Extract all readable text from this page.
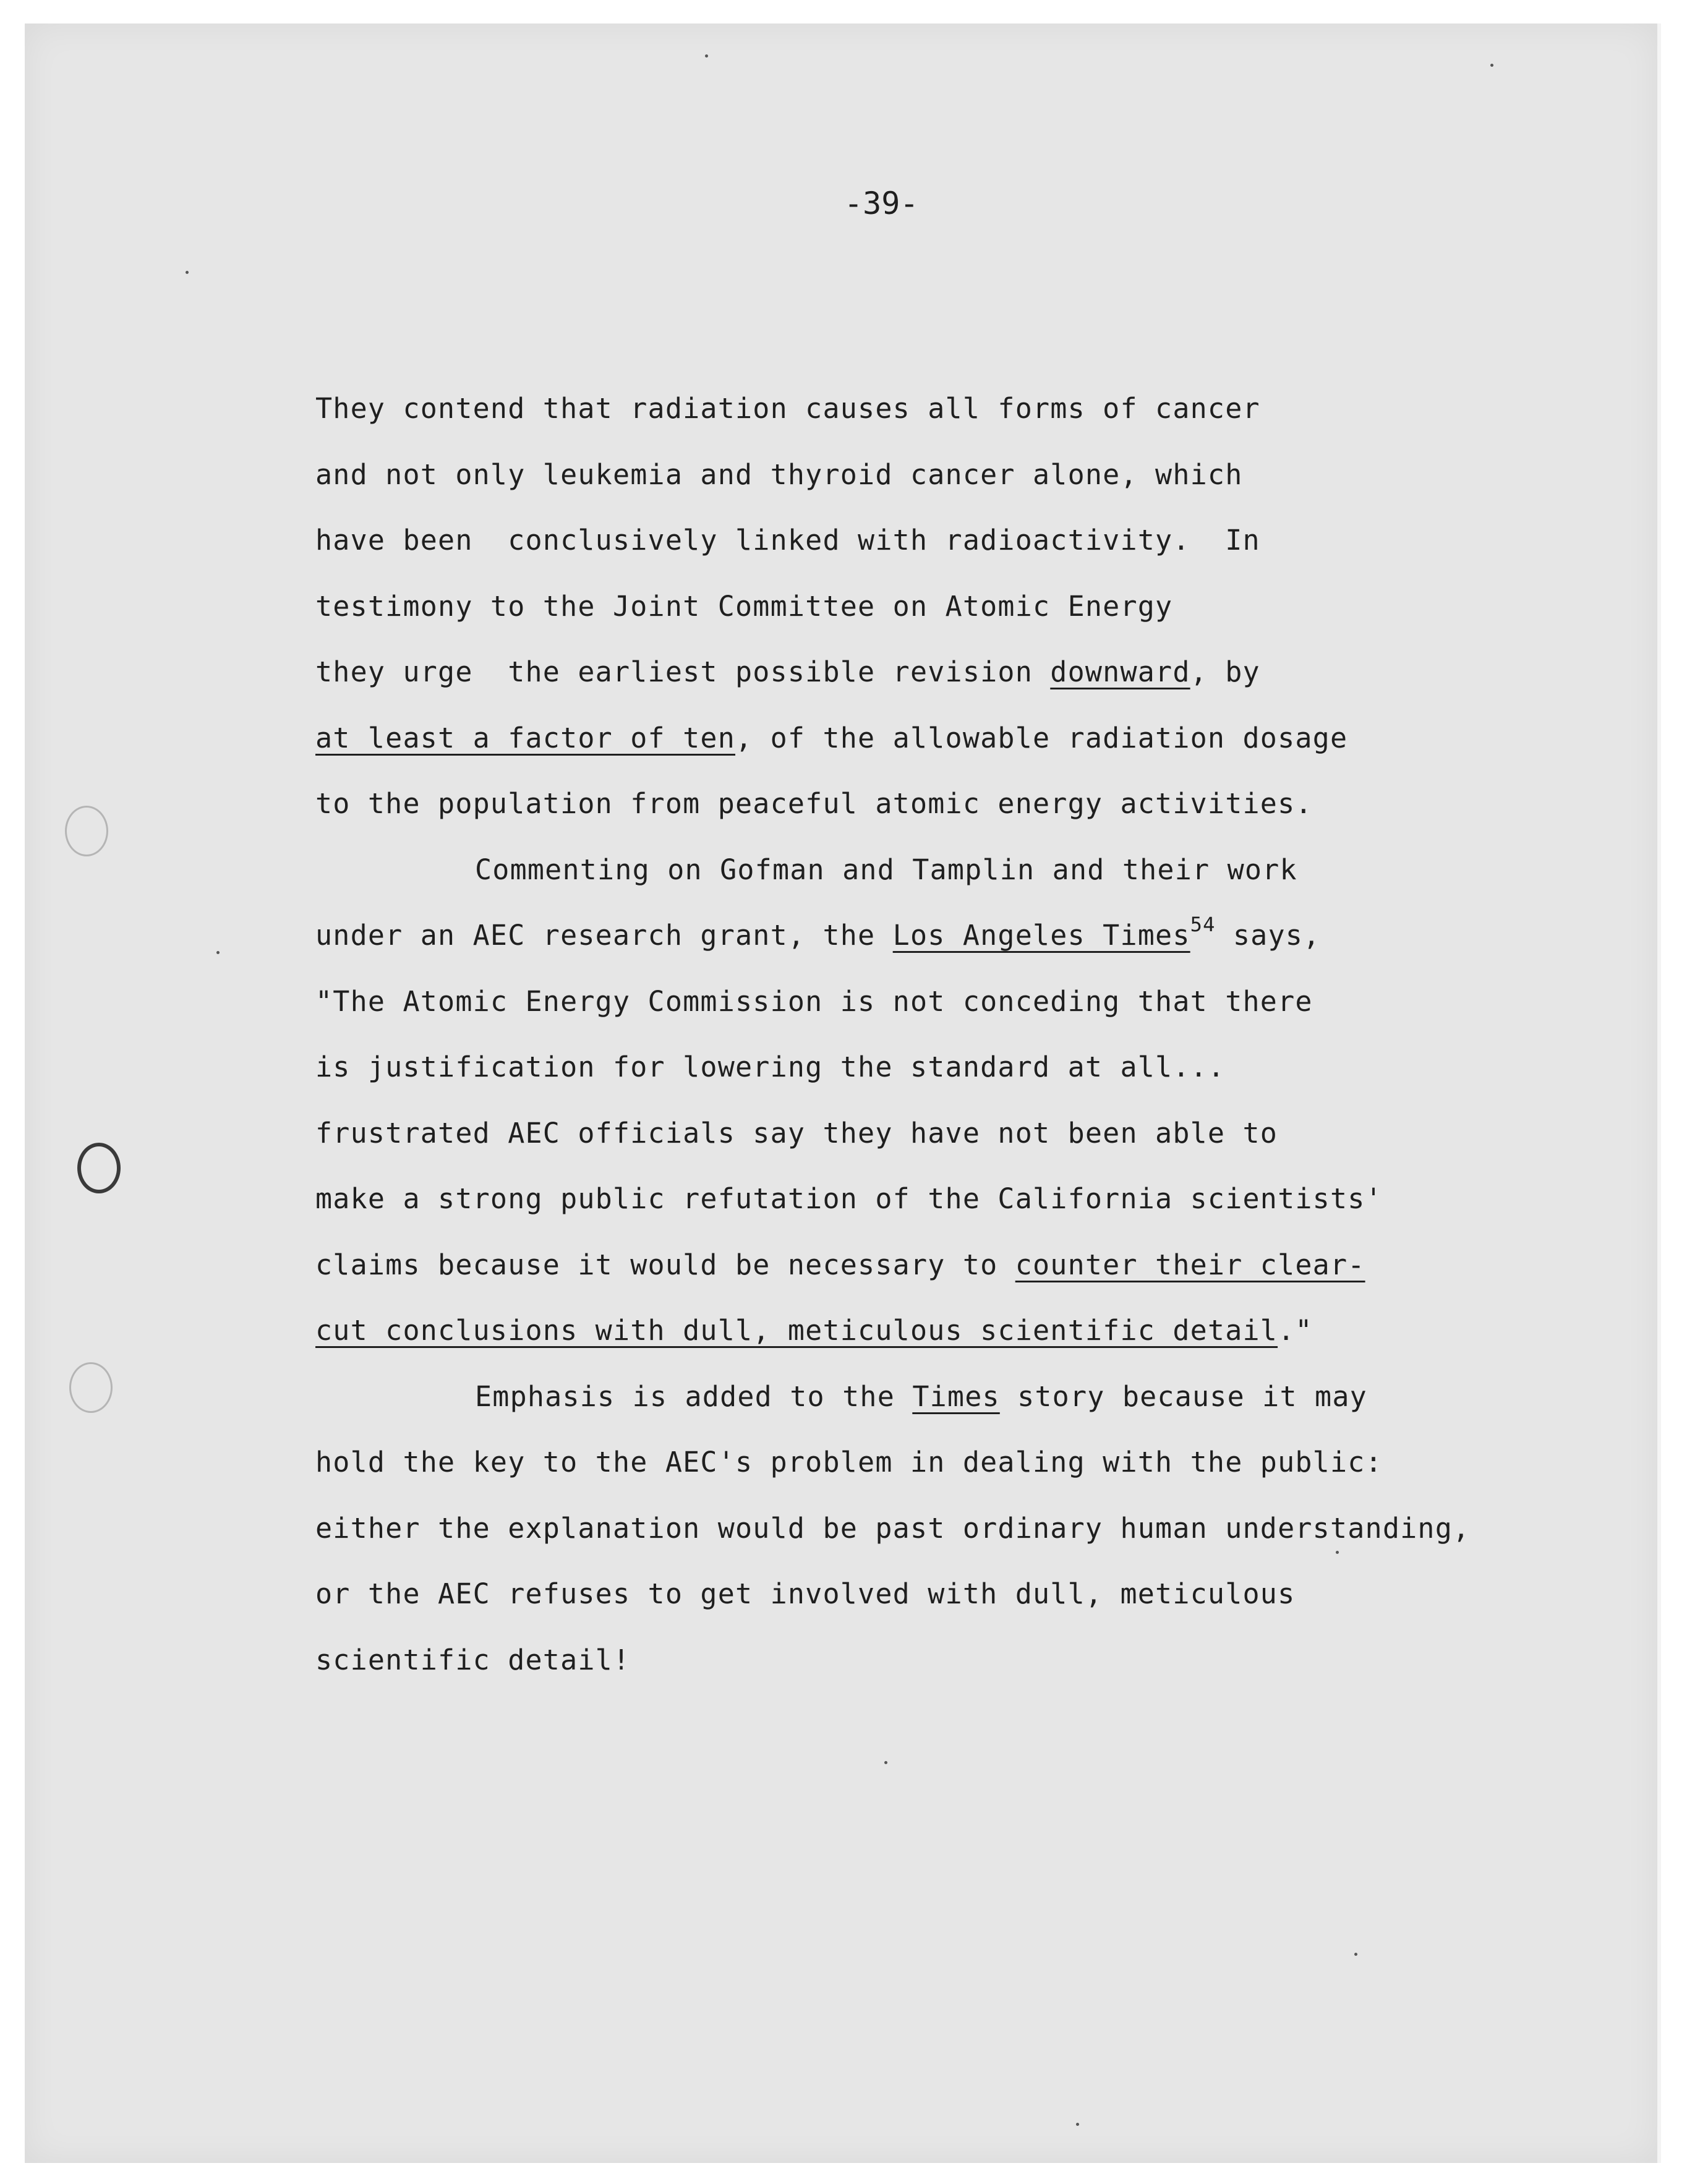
-39-
They contend that radiation causes all forms of cancer
and not only leukemia and thyroid cancer alone, which
have been  conclusively linked with radioactivity.  In
testimony to the Joint Committee on Atomic Energy
they urge  the earliest possible revision downward, by
at least a factor of ten, of the allowable radiation dosage
to the population from peaceful atomic energy activities.
Commenting on Gofman and Tamplin and their work
under an AEC research grant, the Los Angeles Times$^{54}$ says,
"The Atomic Energy Commission is not conceding that there
is justification for lowering the standard at all...
frustrated AEC officials say they have not been able to
make a strong public refutation of the California scientists'
claims because it would be necessary to counter their clear-
cut conclusions with dull, meticulous scientific detail."
Emphasis is added to the Times story because it may
hold the key to the AEC's problem in dealing with the public:
either the explanation would be past ordinary human understanding,
or the AEC refuses to get involved with dull, meticulous
scientific detail!
